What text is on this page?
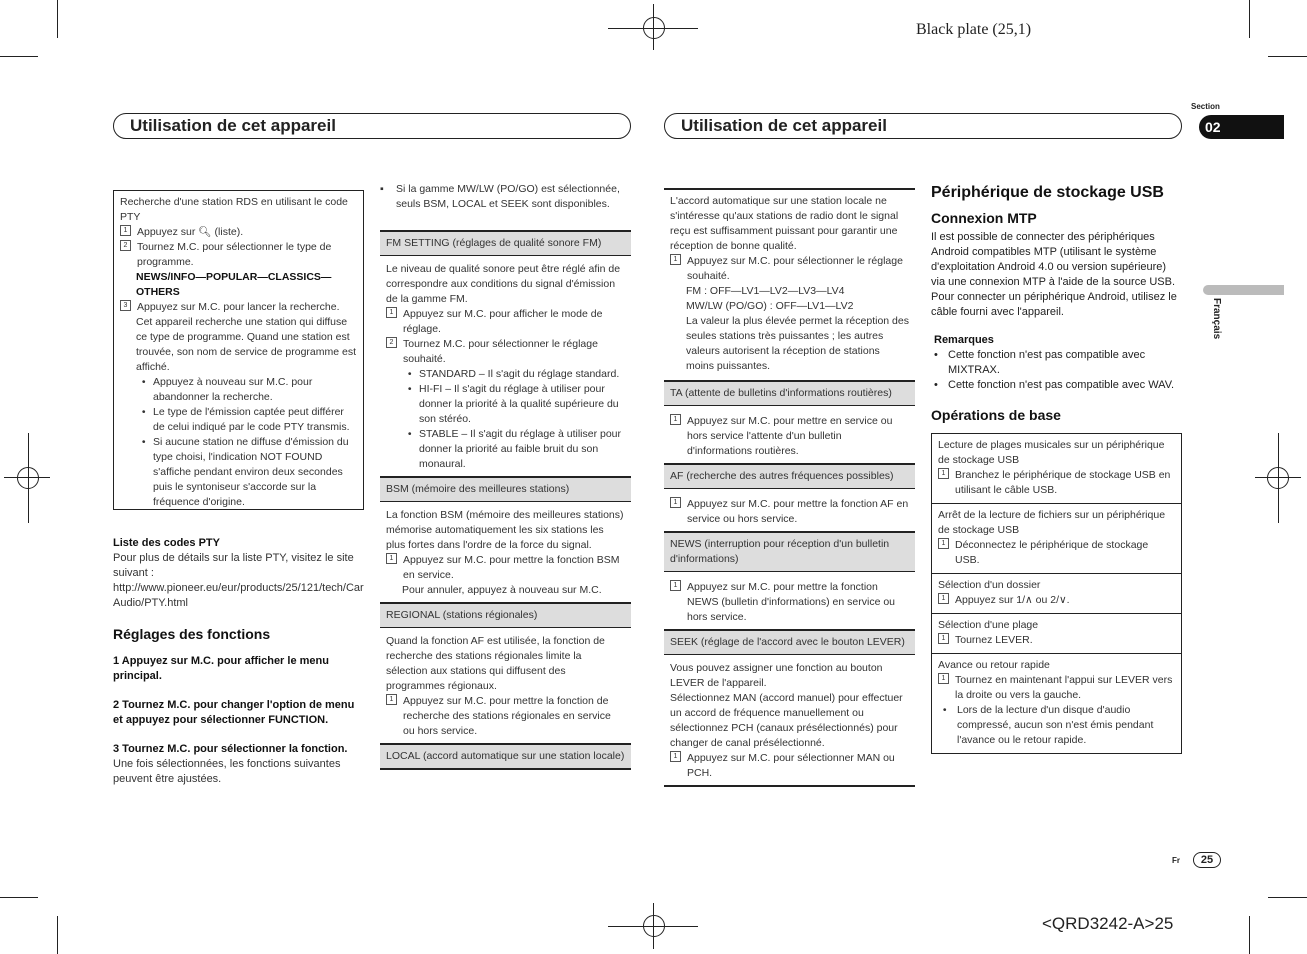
Black plate (25,1)
Section
02
Français
Utilisation de cet appareil	Utilisation de cet appareil
Recherche d'une station RDS en utilisant le code PTY
1 Appuyez sur 🔍︎ (liste).
2 Tournez M.C. pour sélectionner le type de programme.
NEWS/INFO—POPULAR—CLASSICS—OTHERS
3 Appuyez sur M.C. pour lancer la recherche.
Cet appareil recherche une station qui diffuse ce type de programme. Quand une station est trouvée, son nom de service de programme est affiché.
• Appuyez à nouveau sur M.C. pour abandonner la recherche.
• Le type de l'émission captée peut différer de celui indiqué par le code PTY transmis.
• Si aucune station ne diffuse d'émission du type choisi, l'indication NOT FOUND s'affiche pendant environ deux secondes puis le syntoniseur s'accorde sur la fréquence d'origine.
Liste des codes PTY
Pour plus de détails sur la liste PTY, visitez le site suivant :
http://www.pioneer.eu/eur/products/25/121/tech/CarAudio/PTY.html
Réglages des fonctions
1 Appuyez sur M.C. pour afficher le menu principal.
2 Tournez M.C. pour changer l'option de menu et appuyez pour sélectionner FUNCTION.
3 Tournez M.C. pour sélectionner la fonction.
Une fois sélectionnées, les fonctions suivantes peuvent être ajustées.
▪	Si la gamme MW/LW (PO/GO) est sélectionnée, seuls BSM, LOCAL et SEEK sont disponibles.
FM SETTING (réglages de qualité sonore FM)
Le niveau de qualité sonore peut être réglé afin de correspondre aux conditions du signal d'émission de la gamme FM.
1 Appuyez sur M.C. pour afficher le mode de réglage.
2 Tournez M.C. pour sélectionner le réglage souhaité.
• STANDARD – Il s'agit du réglage standard.
• HI-FI – Il s'agit du réglage à utiliser pour donner la priorité à la qualité supérieure du son stéréo.
• STABLE – Il s'agit du réglage à utiliser pour donner la priorité au faible bruit du son monaural.
BSM (mémoire des meilleures stations)
La fonction BSM (mémoire des meilleures stations) mémorise automatiquement les six stations les plus fortes dans l'ordre de la force du signal.
1 Appuyez sur M.C. pour mettre la fonction BSM en service.
Pour annuler, appuyez à nouveau sur M.C.
REGIONAL (stations régionales)
Quand la fonction AF est utilisée, la fonction de recherche des stations régionales limite la sélection aux stations qui diffusent des programmes régionaux.
1 Appuyez sur M.C. pour mettre la fonction de recherche des stations régionales en service ou hors service.
LOCAL (accord automatique sur une station locale)
L'accord automatique sur une station locale ne s'intéresse qu'aux stations de radio dont le signal reçu est suffisamment puissant pour garantir une réception de bonne qualité.
1 Appuyez sur M.C. pour sélectionner le réglage souhaité.
FM : OFF—LV1—LV2—LV3—LV4
MW/LW (PO/GO) : OFF—LV1—LV2
La valeur la plus élevée permet la réception des seules stations très puissantes ; les autres valeurs autorisent la réception de stations moins puissantes.
TA (attente de bulletins d'informations routières)
1 Appuyez sur M.C. pour mettre en service ou hors service l'attente d'un bulletin d'informations routières.
AF (recherche des autres fréquences possibles)
1 Appuyez sur M.C. pour mettre la fonction AF en service ou hors service.
NEWS (interruption pour réception d'un bulletin d'informations)
1 Appuyez sur M.C. pour mettre la fonction NEWS (bulletin d'informations) en service ou hors service.
SEEK (réglage de l'accord avec le bouton LEVER)
Vous pouvez assigner une fonction au bouton LEVER de l'appareil.
Sélectionnez MAN (accord manuel) pour effectuer un accord de fréquence manuellement ou sélectionnez PCH (canaux présélectionnés) pour changer de canal présélectionné.
1 Appuyez sur M.C. pour sélectionner MAN ou PCH.
Périphérique de stockage USB
Connexion MTP
Il est possible de connecter des périphériques Android compatibles MTP (utilisant le système d'exploitation Android 4.0 ou version supérieure) via une connexion MTP à l'aide de la source USB. Pour connecter un périphérique Android, utilisez le câble fourni avec l'appareil.
Remarques
• Cette fonction n'est pas compatible avec MIXTRAX.
• Cette fonction n'est pas compatible avec WAV.
Opérations de base
Lecture de plages musicales sur un périphérique de stockage USB
1 Branchez le périphérique de stockage USB en utilisant le câble USB.
Arrêt de la lecture de fichiers sur un périphérique de stockage USB
1 Déconnectez le périphérique de stockage USB.
Sélection d'un dossier
1 Appuyez sur 1/∧ ou 2/∨.
Sélection d'une plage
1 Tournez LEVER.
Avance ou retour rapide
1 Tournez en maintenant l'appui sur LEVER vers la droite ou vers la gauche.
• Lors de la lecture d'un disque d'audio compressé, aucun son n'est émis pendant l'avance ou le retour rapide.
Fr	25
<QRD3242-A>25
